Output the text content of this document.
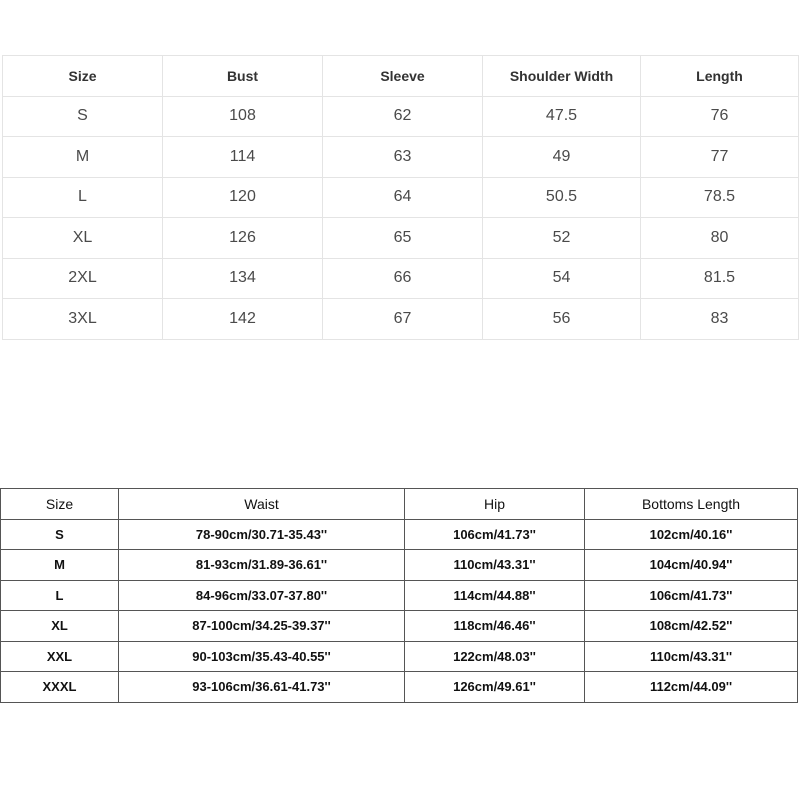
Size	Bust	Sleeve	Shoulder Width	Length
S	108	62	47.5	76
M	114	63	49	77
L	120	64	50.5	78.5
XL	126	65	52	80
2XL	134	66	54	81.5
3XL	142	67	56	83
Size	Waist	Hip	Bottoms Length
S	78-90cm/30.71-35.43''	106cm/41.73''	102cm/40.16''
M	81-93cm/31.89-36.61''	110cm/43.31''	104cm/40.94''
L	84-96cm/33.07-37.80''	114cm/44.88''	106cm/41.73''
XL	87-100cm/34.25-39.37''	118cm/46.46''	108cm/42.52''
XXL	90-103cm/35.43-40.55''	122cm/48.03''	110cm/43.31''
XXXL	93-106cm/36.61-41.73''	126cm/49.61''	112cm/44.09''
